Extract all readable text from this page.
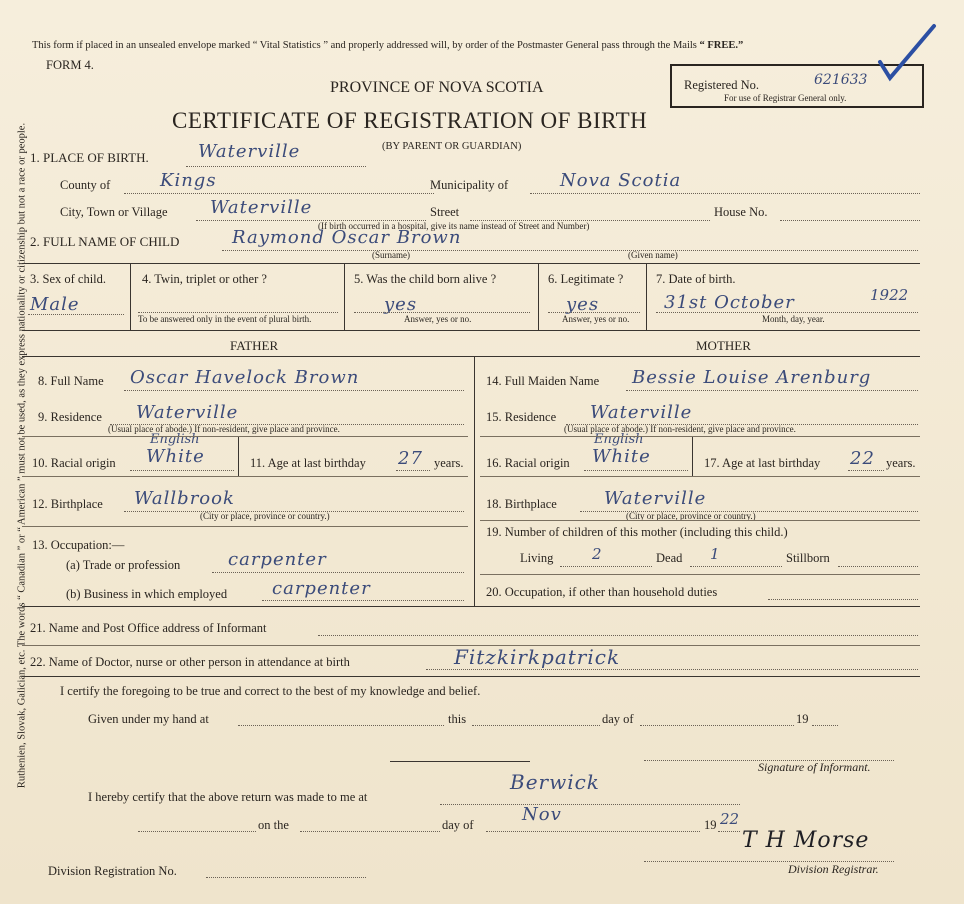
Ruthenien, Slovak, Galician, etc. The words “ Canadian ” or “ American ” must not be used, as they express nationality or citizenship but not a race or people.
This form if placed in an unsealed envelope marked “ Vital Statistics ” and properly addressed will, by order of the Postmaster General pass through the Mails “ FREE.”
FORM 4.
PROVINCE OF NOVA SCOTIA
CERTIFICATE OF REGISTRATION OF BIRTH
(BY PARENT OR GUARDIAN)
Registered No.	621633
For use of Registrar General only.
1. PLACE OF BIRTH.	Waterville
County of	Kings	Municipality of	Nova Scotia
City, Town or Village Waterville	Street	House No.
(If birth occurred in a hospital, give its name instead of Street and Number)
2. FULL NAME OF CHILD	Raymond Oscar Brown
(Surname)	(Given name)
3. Sex of child.
Male
4. Twin, triplet or other ?
To be answered only in the event of plural birth.
5. Was the child born alive ?
yes
Answer, yes or no.
6. Legitimate ?
yes
Answer, yes or no.
7. Date of birth.
31st October	1922
Month, day, year.
FATHER	MOTHER
8. Full Name Oscar Havelock Brown
9. Residence Waterville
(Usual place of abode.) If non-resident, give place and province.
10. Racial origin
English
White	11. Age at last birthday 27 years.
12. Birthplace Wallbrook
(City or place, province or country.)
13. Occupation:—
(a) Trade or profession	carpenter
(b) Business in which employed carpenter
14. Full Maiden Name Bessie Louise Arenburg
15. Residence Waterville
(Usual place of abode.) If non-resident, give place and province.
16. Racial origin
English
White	17. Age at last birthday 22 years.
18. Birthplace	Waterville
(City or place, province or country.)
19. Number of children of this mother (including this child.)
Living	2	Dead 1	Stillborn
20. Occupation, if other than household duties
21. Name and Post Office address of Informant
22. Name of Doctor, nurse or other person in attendance at birth	Fitzkirkpatrick
I certify the foregoing to be true and correct to the best of my knowledge and belief.
Given under my hand at	this	day of	19
Signature of Informant.
I hereby certify that the above return was made to me at
Berwick
on the	day of	Nov	19 22
T H Morse
Division Registration No.	Division Registrar.
